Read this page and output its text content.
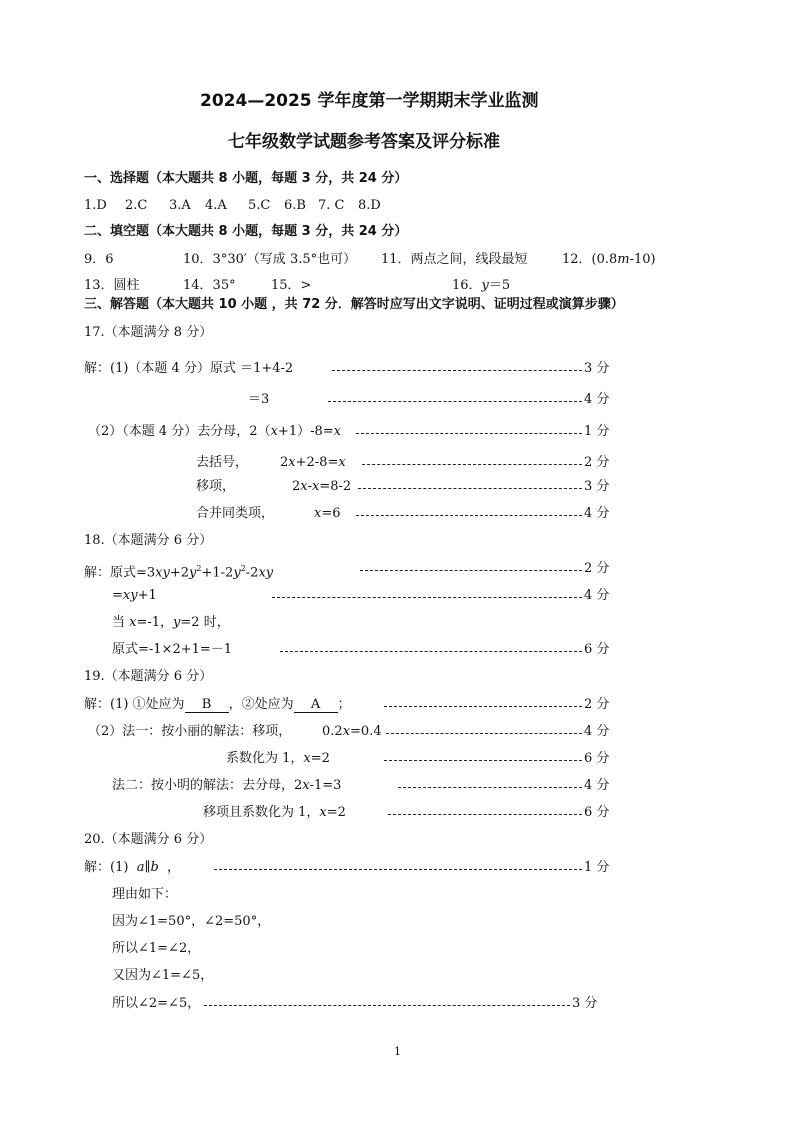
2024—2025 学年度第一学期期末学业监测
七年级数学试题参考答案及评分标准
一、选择题（本大题共 8 小题，每题 3 分，共 24 分）
1.D 2.C 3.A 4.A 5.C 6.B 7. C 8.D
二、填空题（本大题共 8 小题，每题 3 分，共 24 分）
9．6	10．3°30′（写成 3.5°也可） 11．两点之间，线段最短	12．(0.8m-10)
13．圆柱	14．35°	15．>	16．y＝5
三、解答题（本大题共 10 小题 ，共 72 分．解答时应写出文字说明、证明过程或演算步骤）
17.（本题满分 8 分）
解：(1)（本题 4 分）原式 ＝1+4-2	3 分
＝3	4 分
（2）（本题 4 分）去分母，2（x+1）-8=x	1 分
去括号， 2x+2-8=x	2 分
移项，	2x-x=8-2	3 分
合并同类项，	x=6	4 分
18.（本题满分 6 分）
解：原式$=3xy+2y^2+1-2y^2-2xy$	2 分
=xy+1	4 分
当 x=-1，y=2 时，
原式=-1×2+1=－1	6 分
19.（本题满分 6 分）
解：(1) ①处应为 B ，②处应为 A ；	2 分
（2）法一：按小丽的解法：移项， 0.2x=0.4	4 分
系数化为 1，x=2	6 分
法二：按小明的解法：去分母，2x-1=3	4 分
移项且系数化为 1，x=2	6 分
20.（本题满分 6 分）
解：(1) a∥b ，	1 分
理由如下：
因为∠1=50°，∠2=50°，
所以∠1=∠2，
又因为∠1=∠5，
所以∠2=∠5，	3 分
1
